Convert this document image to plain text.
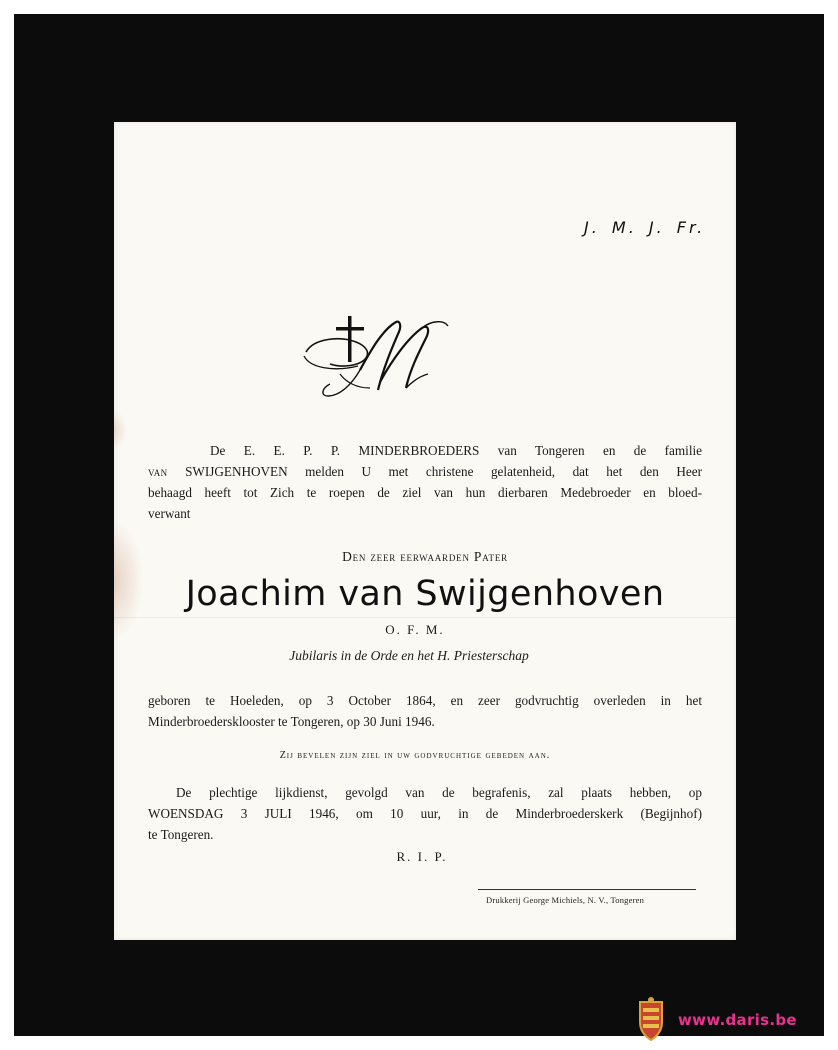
J. M. J. Fr.
De E. E. P. P. MINDERBROEDERS van Tongeren en de familie
van SWIJGENHOVEN melden U met christene gelatenheid, dat het den Heer
behaagd heeft tot Zich te roepen de ziel van hun dierbaren Medebroeder en bloed-
verwant
Den zeer eerwaarden Pater
Joachim van Swijgenhoven
O. F. M.
Jubilaris in de Orde en het H. Priesterschap
geboren te Hoeleden, op 3 October 1864, en zeer godvruchtig overleden in het
Minderbroedersklooster te Tongeren, op 30 Juni 1946.
Zij bevelen zijn ziel in uw godvruchtige gebeden aan.
De plechtige lijkdienst, gevolgd van de begrafenis, zal plaats hebben, op
WOENSDAG 3 JULI 1946, om 10 uur, in de Minderbroederskerk (Begijnhof)
te Tongeren.
R. I. P.
Drukkerij George Michiels, N. V., Tongeren
www.daris.be
